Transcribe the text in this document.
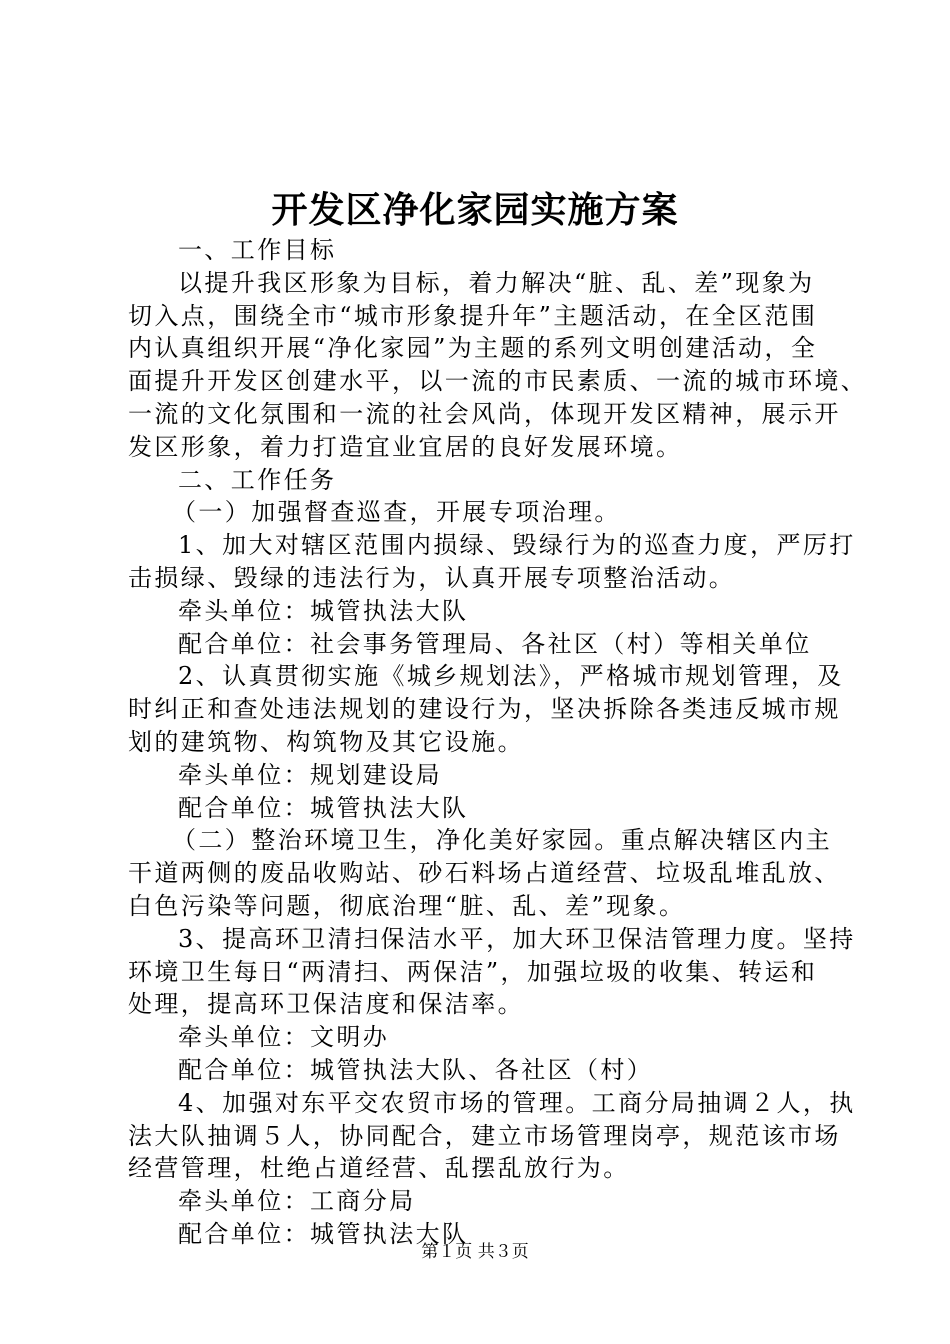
开发区净化家园实施方案
一、工作目标
以提升我区形象为目标，着力解决“脏、乱、差”现象为
切入点，围绕全市“城市形象提升年”主题活动，在全区范围
内认真组织开展“净化家园”为主题的系列文明创建活动，全
面提升开发区创建水平，以一流的市民素质、一流的城市环境、
一流的文化氛围和一流的社会风尚，体现开发区精神，展示开
发区形象，着力打造宜业宜居的良好发展环境。
二、工作任务
（一）加强督查巡查，开展专项治理。
1、加大对辖区范围内损绿、毁绿行为的巡查力度，严厉打
击损绿、毁绿的违法行为，认真开展专项整治活动。
牵头单位：城管执法大队
配合单位：社会事务管理局、各社区（村）等相关单位
2、认真贯彻实施《城乡规划法》，严格城市规划管理，及
时纠正和查处违法规划的建设行为，坚决拆除各类违反城市规
划的建筑物、构筑物及其它设施。
牵头单位：规划建设局
配合单位：城管执法大队
（二）整治环境卫生，净化美好家园。重点解决辖区内主
干道两侧的废品收购站、砂石料场占道经营、垃圾乱堆乱放、
白色污染等问题，彻底治理“脏、乱、差”现象。
3、提高环卫清扫保洁水平，加大环卫保洁管理力度。坚持
环境卫生每日“两清扫、两保洁”，加强垃圾的收集、转运和
处理，提高环卫保洁度和保洁率。
牵头单位：文明办
配合单位：城管执法大队、各社区（村）
4、加强对东平交农贸市场的管理。工商分局抽调２人，执
法大队抽调５人，协同配合，建立市场管理岗亭，规范该市场
经营管理，杜绝占道经营、乱摆乱放行为。
牵头单位：工商分局
配合单位：城管执法大队
第１页 共３页
